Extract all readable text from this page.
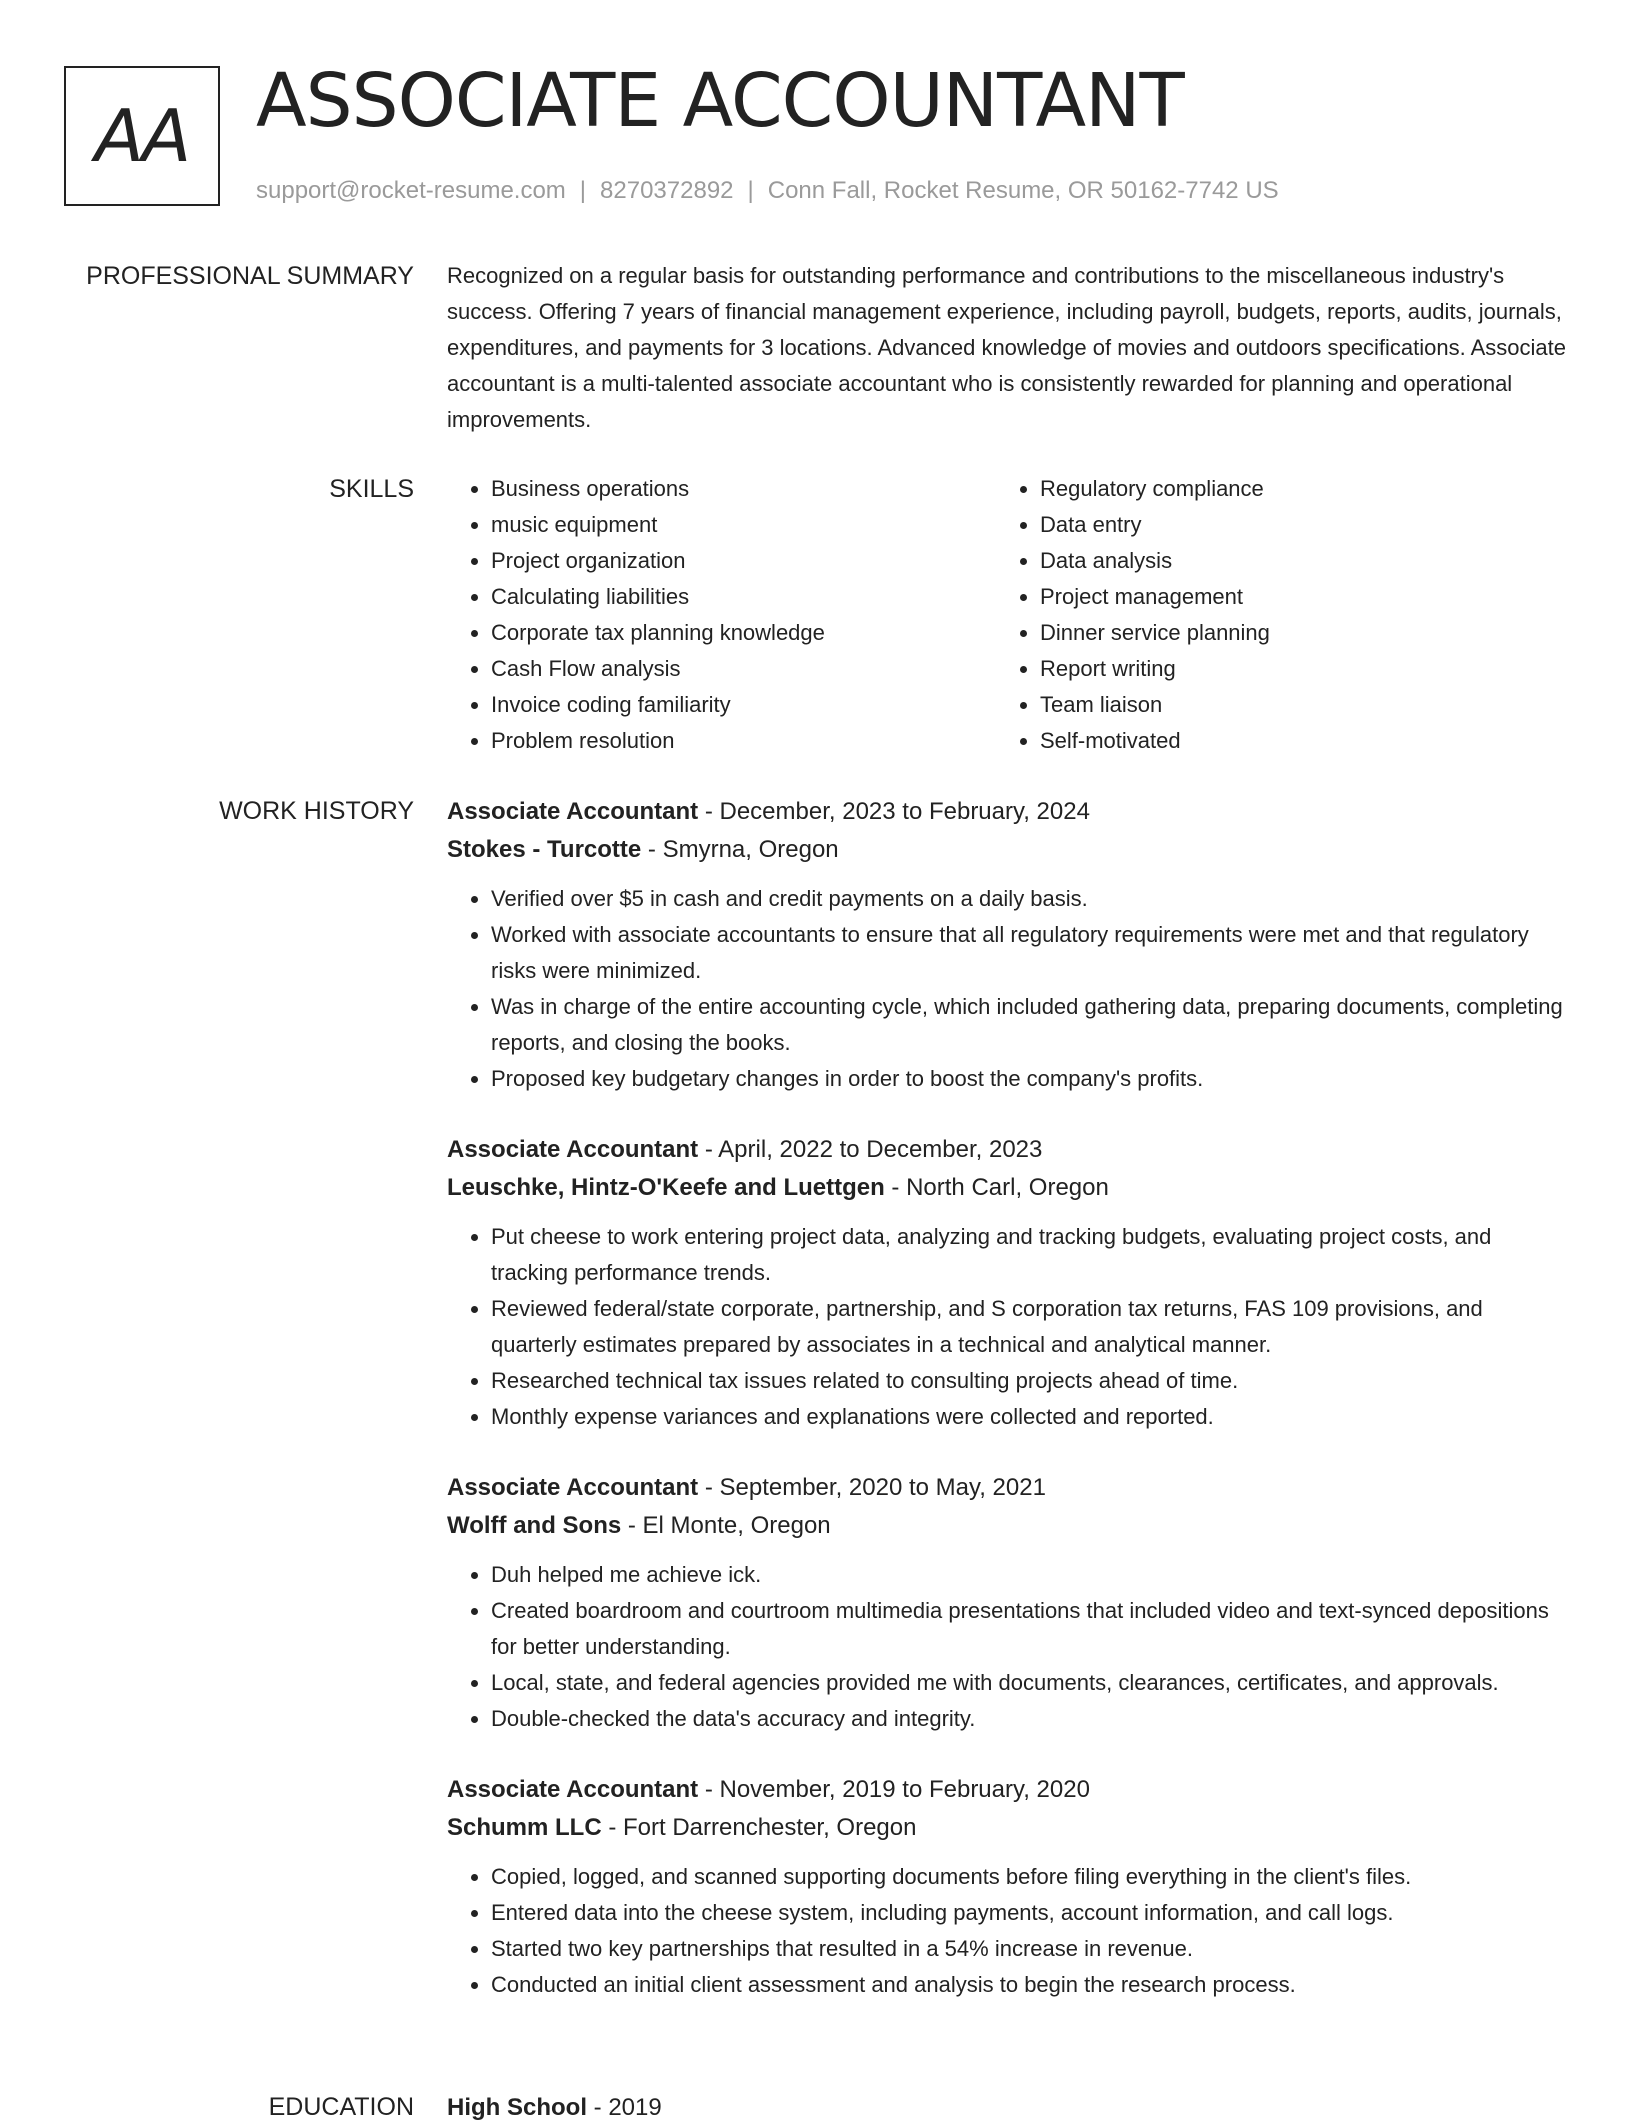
AA ASSOCIATE ACCOUNTANT
support@rocket-resume.com | 8270372892 | Conn Fall, Rocket Resume, OR 50162-7742 US
PROFESSIONAL SUMMARY Recognized on a regular basis for outstanding performance and contributions to the miscellaneous industry's success. Offering 7 years of financial management experience, including payroll, budgets, reports, audits, journals, expenditures, and payments for 3 locations. Advanced knowledge of movies and outdoors specifications. Associate accountant is a multi-talented associate accountant who is consistently rewarded for planning and operational improvements.

SKILLS
•	Business operations
• music equipment
• Project organization
• Calculating liabilities
• Corporate tax planning knowledge
• Cash Flow analysis
• Invoice coding familiarity
• Problem resolution
• Regulatory compliance
• Data entry
• Data analysis
• Project management
• Dinner service planning
• Report writing
• Team liaison
• Self-motivated
WORK HISTORY Associate Accountant - December, 2023 to February, 2024
Stokes - Turcotte - Smyrna, Oregon
• Verified over $5 in cash and credit payments on a daily basis.
• Worked with associate accountants to ensure that all regulatory requirements were met and that regulatory risks were minimized.
• Was in charge of the entire accounting cycle, which included gathering data, preparing documents, completing reports, and closing the books.
• Proposed key budgetary changes in order to boost the company's profits.
Associate Accountant - April, 2022 to December, 2023
Leuschke, Hintz-O'Keefe and Luettgen - North Carl, Oregon
• Put cheese to work entering project data, analyzing and tracking budgets, evaluating project costs, and tracking performance trends.
• Reviewed federal/state corporate, partnership, and S corporation tax returns, FAS 109 provisions, and quarterly estimates prepared by associates in a technical and analytical manner.
• Researched technical tax issues related to consulting projects ahead of time.
• Monthly expense variances and explanations were collected and reported.
Associate Accountant - September, 2020 to May, 2021
Wolff and Sons - El Monte, Oregon
• Duh helped me achieve ick.
• Created boardroom and courtroom multimedia presentations that included video and text-synced depositions for better understanding.
• Local, state, and federal agencies provided me with documents, clearances, certificates, and approvals.
• Double-checked the data's accuracy and integrity.
Associate Accountant - November, 2019 to February, 2020
Schumm LLC - Fort Darrenchester, Oregon
• Copied, logged, and scanned supporting documents before filing everything in the client's files.
• Entered data into the cheese system, including payments, account information, and call logs.
• Started two key partnerships that resulted in a 54% increase in revenue.
• Conducted an initial client assessment and analysis to begin the research process.
EDUCATION High School - 2019
